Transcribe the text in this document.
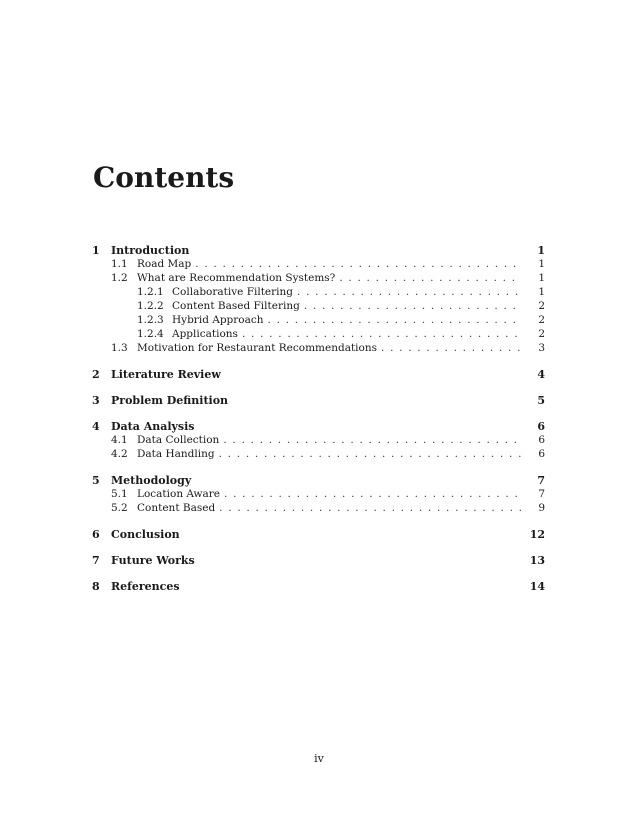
Contents
1	Introduction	1
1.1 Road Map . . .	1
1.2 What are Recommendation Systems? . . .	1
1.2.1 Collaborative Filtering . . .	1
1.2.2 Content Based Filtering . . .	2
1.2.3 Hybrid Approach . . .	2
1.2.4 Applications . . .	2
1.3 Motivation for Restaurant Recommendations . . .	3
2	Literature Review	4
3	Problem Definition	5
4	Data Analysis	6
4.1 Data Collection . . .	6
4.2 Data Handling . . .	6
5	Methodology	7
5.1 Location Aware . . .	7
5.2 Content Based . . .	9
6	Conclusion	12
7	Future Works	13
8	References	14
iv
